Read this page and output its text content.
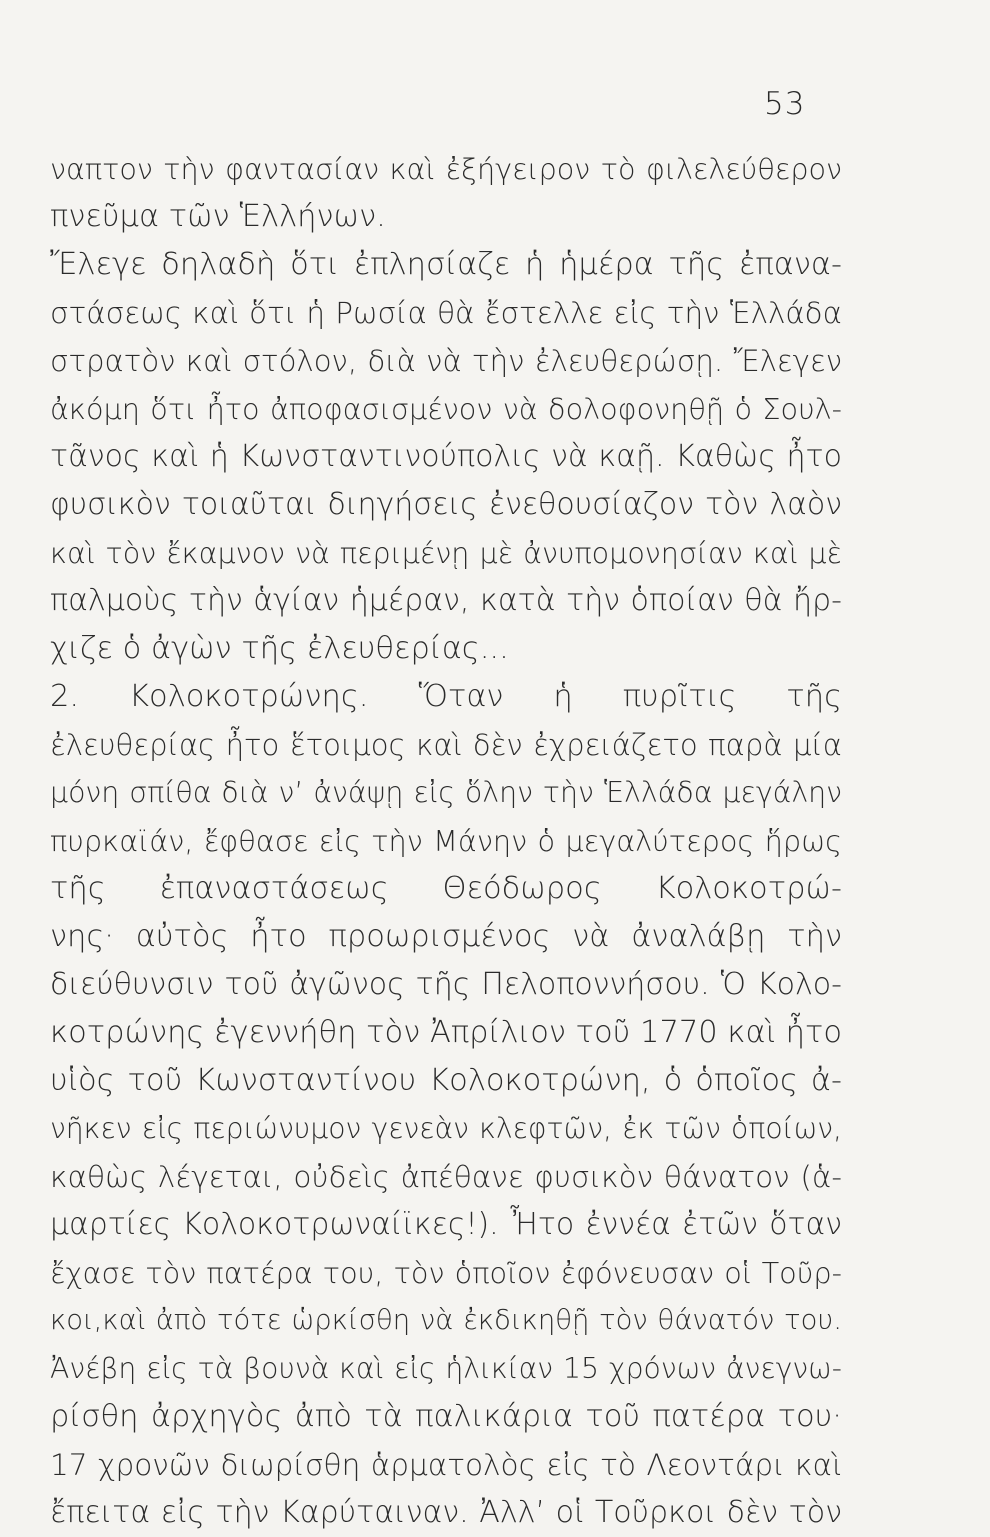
53
ναπτον τὴν φαντασίαν καὶ ἐξήγειρον τὸ φιλελεύθερον
πνεῦμα τῶν Ἑλλήνων.
Ἔλεγε δηλαδὴ ὅτι ἐπλησίαζε ἡ ἡμέρα τῆς ἐπανα-
στάσεως καὶ ὅτι ἡ Ρωσία θὰ ἔστελλε εἰς τὴν Ἑλλάδα
στρατὸν καὶ στόλον, διὰ νὰ τὴν ἐλευθερώσῃ. Ἔλεγεν
ἀκόμη ὅτι ἦτο ἀποφασισμένον νὰ δολοφονηθῇ ὁ Σουλ-
τᾶνος καὶ ἡ Κωνσταντινούπολις νὰ καῇ. Καθὼς ἦτο
φυσικὸν τοιαῦται διηγήσεις ἐνεθουσίαζον τὸν λαὸν
καὶ τὸν ἔκαμνον νὰ περιμένῃ μὲ ἀνυπομονησίαν καὶ μὲ
παλμοὺς τὴν ἁγίαν ἡμέραν, κατὰ τὴν ὁποίαν θὰ ἤρ-
χιζε ὁ ἀγὼν τῆς ἐλευθερίας...
2. Κολοκοτρώνης. Ὅταν ἡ πυρῖτις τῆς
ἐλευθερίας ἦτο ἕτοιμος καὶ δὲν ἐχρειάζετο παρὰ μία
μόνη σπίθα διὰ ν’ ἀνάψῃ εἰς ὅλην τὴν Ἑλλάδα μεγάλην
πυρκαϊάν, ἔφθασε εἰς τὴν Μάνην ὁ μεγαλύτερος ἥρως
τῆς ἐπαναστάσεως Θεόδωρος Κολοκοτρώ-
νης· αὐτὸς ἦτο προωρισμένος νὰ ἀναλάβῃ τὴν
διεύθυνσιν τοῦ ἀγῶνος τῆς Πελοποννήσου. Ὁ Κολο-
κοτρώνης ἐγεννήθη τὸν Ἀπρίλιον τοῦ 1770 καὶ ἦτο
υἱὸς τοῦ Κωνσταντίνου Κολοκοτρώνη, ὁ ὁποῖος ἀ-
νῆκεν εἰς περιώνυμον γενεὰν κλεφτῶν, ἐκ τῶν ὁποίων,
καθὼς λέγεται, οὐδεὶς ἀπέθανε φυσικὸν θάνατον (ἁ-
μαρτίες Κολοκοτρωναίϊκες!). Ἦτο ἐννέα ἐτῶν ὅταν
ἔχασε τὸν πατέρα του, τὸν ὁποῖον ἐφόνευσαν οἱ Τοῦρ-
κοι,καὶ ἀπὸ τότε ὡρκίσθη νὰ ἐκδικηθῇ τὸν θάνατόν του.
Ἀνέβη εἰς τὰ βουνὰ καὶ εἰς ἡλικίαν 15 χρόνων ἀνεγνω-
ρίσθη ἀρχηγὸς ἀπὸ τὰ παλικάρια τοῦ πατέρα του·
17 χρονῶν διωρίσθη ἁρματολὸς εἰς τὸ Λεοντάρι καὶ
ἔπειτα εἰς τὴν Καρύταιναν. Ἀλλ’ οἱ Τοῦρκοι δὲν τὸν
